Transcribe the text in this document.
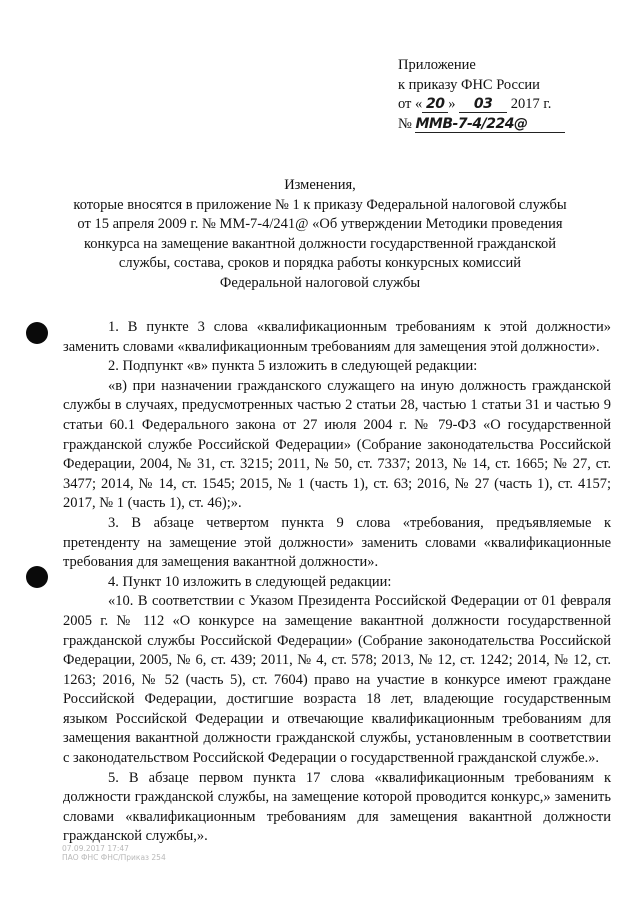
Приложение
к приказу ФНС России
от « 20 » 03 2017 г.
№ ММВ-7-4/224@
Изменения,
которые вносятся в приложение № 1 к приказу Федеральной налоговой службы
от 15 апреля 2009 г. № ММ-7-4/241@ «Об утверждении Методики проведения
конкурса на замещение вакантной должности государственной гражданской
службы, состава, сроков и порядка работы конкурсных комиссий
Федеральной налоговой службы

1. В пункте 3 слова «квалификационным требованиям к этой должности» заменить словами «квалификационным требованиям для замещения этой должности».

2. Подпункт «в» пункта 5 изложить в следующей редакции:

«в) при назначении гражданского служащего на иную должность гражданской службы в случаях, предусмотренных частью 2 статьи 28, частью 1 статьи 31 и частью 9 статьи 60.1 Федерального закона от 27 июля 2004 г. № 79-ФЗ «О государственной гражданской службе Российской Федерации» (Собрание законодательства Российской Федерации, 2004, № 31, ст. 3215; 2011, № 50, ст. 7337; 2013, № 14, ст. 1665; № 27, ст. 3477; 2014, № 14, ст. 1545; 2015, № 1 (часть 1), ст. 63; 2016, № 27 (часть 1), ст. 4157; 2017, № 1 (часть 1), ст. 46);».

3. В абзаце четвертом пункта 9 слова «требования, предъявляемые к претенденту на замещение этой должности» заменить словами «квалификационные требования для замещения вакантной должности».

4. Пункт 10 изложить в следующей редакции:

«10. В соответствии с Указом Президента Российской Федерации от 01 февраля 2005 г. № 112 «О конкурсе на замещение вакантной должности государственной гражданской службы Российской Федерации» (Собрание законодательства Российской Федерации, 2005, № 6, ст. 439; 2011, № 4, ст. 578; 2013, № 12, ст. 1242; 2014, № 12, ст. 1263; 2016, № 52 (часть 5), ст. 7604) право на участие в конкурсе имеют граждане Российской Федерации, достигшие возраста 18 лет, владеющие государственным языком Российской Федерации и отвечающие квалификационным требованиям для замещения вакантной должности гражданской службы, установленным в соответствии с законодательством Российской Федерации о государственной гражданской службе.».

5. В абзаце первом пункта 17 слова «квалификационным требованиям к должности гражданской службы, на замещение которой проводится конкурс,» заменить словами «квалификационным требованиям для замещения вакантной должности гражданской службы,».

07.09.2017 17:47
ПАО ФНС ФНС/Приказ 254
